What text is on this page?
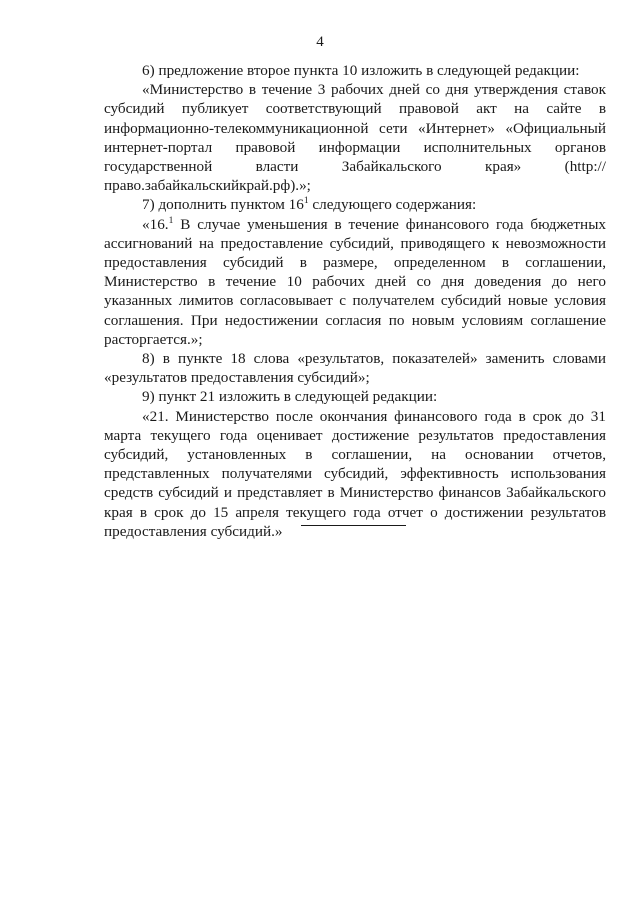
4

6) предложение второе пункта 10 изложить в следующей редакции:

«Министерство в течение 3 рабочих дней со дня утверждения ставок субсидий публикует соответствующий правовой акт на сайте в информационно-телекоммуникационной сети «Интернет» «Официальный интернет-портал правовой информации исполнительных органов государственной власти Забайкальского края» (http://право.забайкальскийкрай.рф).»;

7) дополнить пунктом $16^1$ следующего содержания:

«16.$^1$ В случае уменьшения в течение финансового года бюджетных ассигнований на предоставление субсидий, приводящего к невозможности предоставления субсидий в размере, определенном в соглашении, Министерство в течение 10 рабочих дней со дня доведения до него указанных лимитов согласовывает с получателем субсидий новые условия соглашения. При недостижении согласия по новым условиям соглашение расторгается.»;

8) в пункте 18 слова «результатов, показателей» заменить словами «результатов предоставления субсидий»;

9) пункт 21 изложить в следующей редакции:

«21. Министерство после окончания финансового года в срок до 31 марта текущего года оценивает достижение результатов предоставления субсидий, установленных в соглашении, на основании отчетов, представленных получателями субсидий, эффективность использования средств субсидий и представляет в Министерство финансов Забайкальского края в срок до 15 апреля текущего года отчет о достижении результатов предоставления субсидий.»
